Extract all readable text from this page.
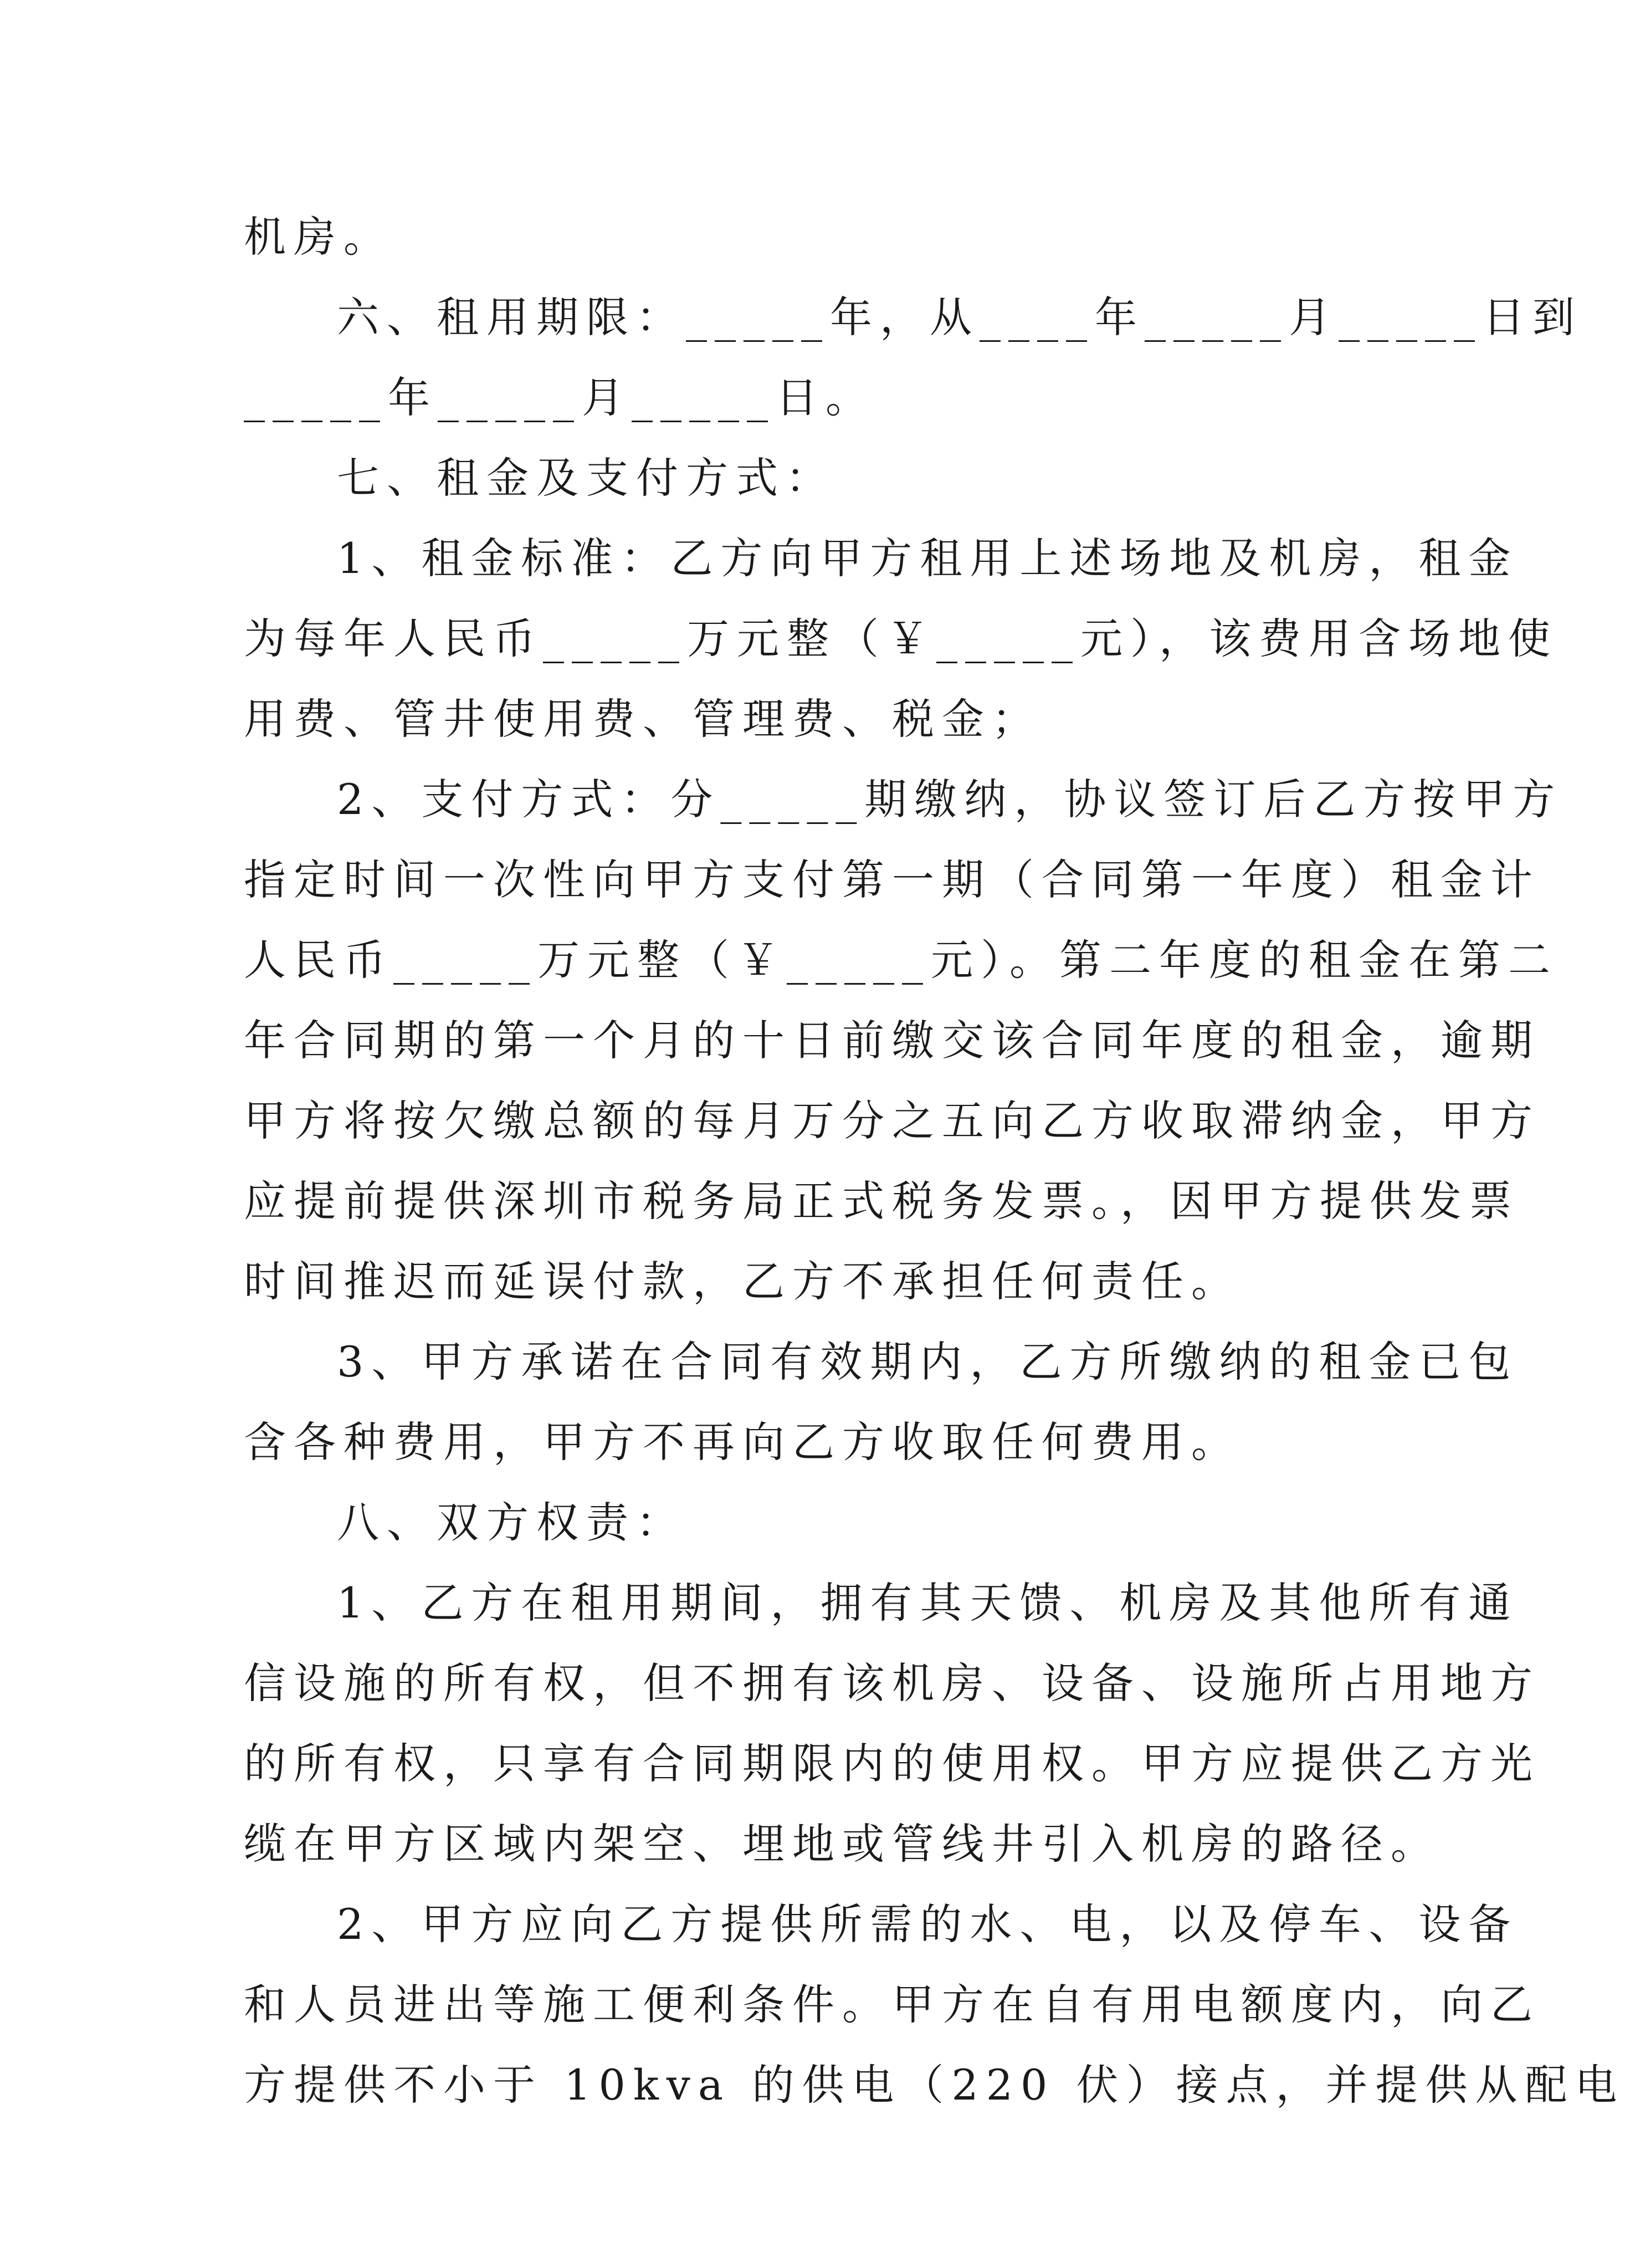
机房。
六、租用期限：_____年，从____年_____月_____日到
_____年_____月_____日。
七、租金及支付方式：
1、租金标准：乙方向甲方租用上述场地及机房，租金
为每年人民币_____万元整（￥_____元），该费用含场地使
用费、管井使用费、管理费、税金；
2、支付方式：分_____期缴纳，协议签订后乙方按甲方
指定时间一次性向甲方支付第一期（合同第一年度）租金计
人民币_____万元整（￥_____元）。第二年度的租金在第二
年合同期的第一个月的十日前缴交该合同年度的租金，逾期
甲方将按欠缴总额的每月万分之五向乙方收取滞纳金，甲方
应提前提供深圳市税务局正式税务发票。，因甲方提供发票
时间推迟而延误付款，乙方不承担任何责任。
3、甲方承诺在合同有效期内，乙方所缴纳的租金已包
含各种费用，甲方不再向乙方收取任何费用。
八、双方权责：
1、乙方在租用期间，拥有其天馈、机房及其他所有通
信设施的所有权，但不拥有该机房、设备、设施所占用地方
的所有权，只享有合同期限内的使用权。甲方应提供乙方光
缆在甲方区域内架空、埋地或管线井引入机房的路径。
2、甲方应向乙方提供所需的水、电，以及停车、设备
和人员进出等施工便利条件。甲方在自有用电额度内，向乙
方提供不小于 10kva 的供电（220 伏）接点，并提供从配电
